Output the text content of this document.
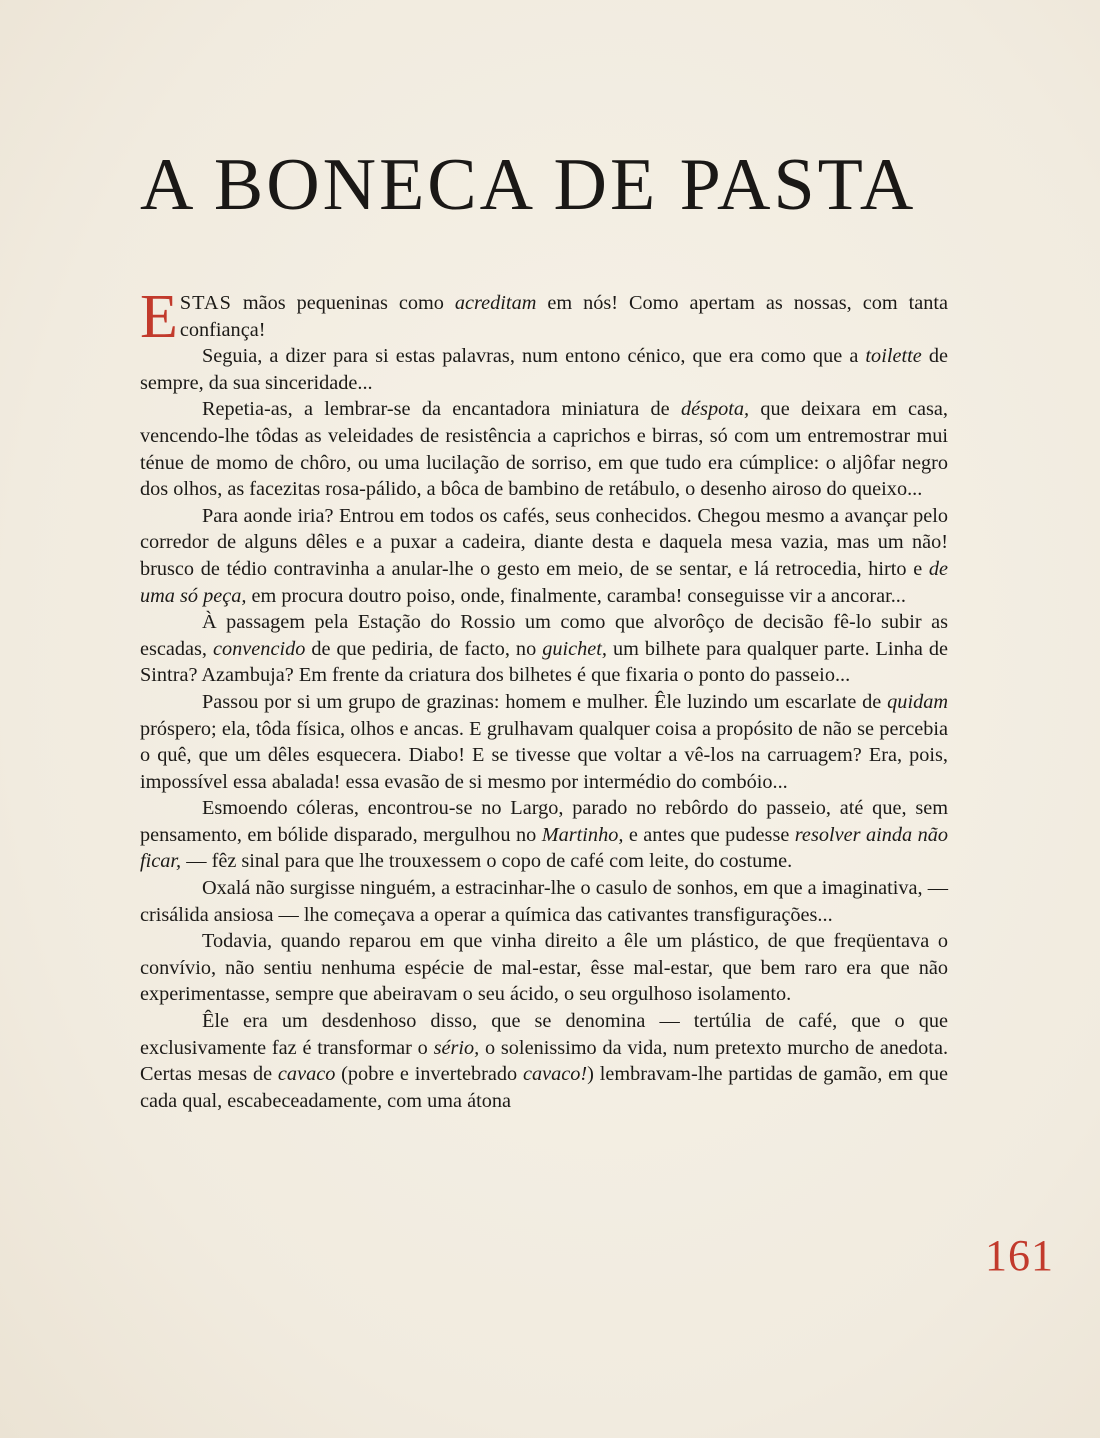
A BONECA DE PASTA

ESTAS mãos pequeninas como acreditam em nós! Como apertam as nossas, com tanta confiança!

Seguia, a dizer para si estas palavras, num entono cénico, que era como que a toilette de sempre, da sua sinceridade...

Repetia-as, a lembrar-se da encantadora miniatura de déspota, que deixara em casa, vencendo-lhe tôdas as veleidades de resistência a caprichos e birras, só com um entremostrar mui ténue de momo de chôro, ou uma lucilação de sorriso, em que tudo era cúmplice: o aljôfar negro dos olhos, as facezitas rosa-pálido, a bôca de bambino de retábulo, o desenho airoso do queixo...

Para aonde iria? Entrou em todos os cafés, seus conhecidos. Chegou mesmo a avançar pelo corredor de alguns dêles e a puxar a cadeira, diante desta e daquela mesa vazia, mas um não! brusco de tédio contravinha a anular-lhe o gesto em meio, de se sentar, e lá retrocedia, hirto e de uma só peça, em procura doutro poiso, onde, finalmente, caramba! conseguisse vir a ancorar...

À passagem pela Estação do Rossio um como que alvorôço de decisão fê-lo subir as escadas, convencido de que pediria, de facto, no guichet, um bilhete para qualquer parte. Linha de Sintra? Azambuja? Em frente da criatura dos bilhetes é que fixaria o ponto do passeio...

Passou por si um grupo de grazinas: homem e mulher. Êle luzindo um escarlate de quidam próspero; ela, tôda física, olhos e ancas. E grulhavam qualquer coisa a propósito de não se percebia o quê, que um dêles esquecera. Diabo! E se tivesse que voltar a vê-los na carruagem? Era, pois, impossível essa abalada! essa evasão de si mesmo por intermédio do combóio...

Esmoendo cóleras, encontrou-se no Largo, parado no rebôrdo do passeio, até que, sem pensamento, em bólide disparado, mergulhou no Martinho, e antes que pudesse resolver ainda não ficar, — fêz sinal para que lhe trouxessem o copo de café com leite, do costume.

Oxalá não surgisse ninguém, a estracinhar-lhe o casulo de sonhos, em que a imaginativa, — crisálida ansiosa — lhe começava a operar a química das cativantes transfigurações...

Todavia, quando reparou em que vinha direito a êle um plástico, de que freqüentava o convívio, não sentiu nenhuma espécie de mal-estar, êsse mal-estar, que bem raro era que não experimentasse, sempre que abeiravam o seu ácido, o seu orgulhoso isolamento.

Êle era um desdenhoso disso, que se denomina — tertúlia de café, que o que exclusivamente faz é transformar o sério, o solenissimo da vida, num pretexto murcho de anedota. Certas mesas de cavaco (pobre e invertebrado cavaco!) lembravam-lhe partidas de gamão, em que cada qual, escabeceadamente, com uma átona

161
